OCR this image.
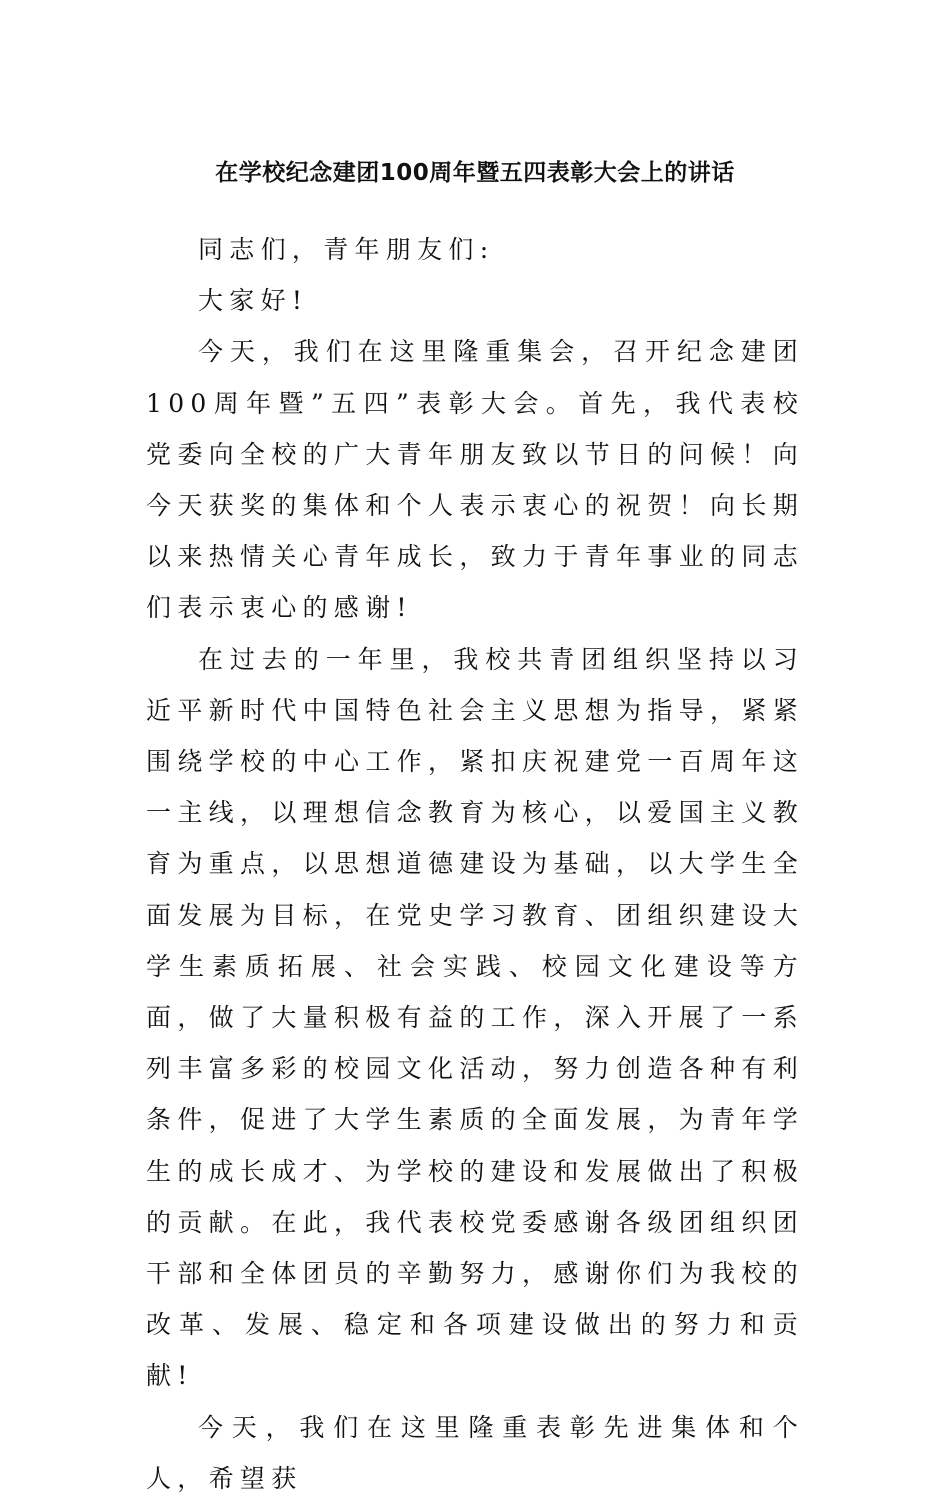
在学校纪念建团100周年暨五四表彰大会上的讲话

同志们，青年朋友们:

大家好!

今天，我们在这里隆重集会，召开纪念建团100周年暨”五四”表彰大会。首先，我代表校党委向全校的广大青年朋友致以节日的问候！向今天获奖的集体和个人表示衷心的祝贺！向长期以来热情关心青年成长，致力于青年事业的同志们表示衷心的感谢!

在过去的一年里，我校共青团组织坚持以习近平新时代中国特色社会主义思想为指导，紧紧围绕学校的中心工作，紧扣庆祝建党一百周年这一主线，以理想信念教育为核心，以爱国主义教育为重点，以思想道德建设为基础，以大学生全面发展为目标，在党史学习教育、团组织建设大学生素质拓展、社会实践、校园文化建设等方面，做了大量积极有益的工作，深入开展了一系列丰富多彩的校园文化活动，努力创造各种有利条件，促进了大学生素质的全面发展，为青年学生的成长成才、为学校的建设和发展做出了积极的贡献。在此，我代表校党委感谢各级团组织团干部和全体团员的辛勤努力，感谢你们为我校的改革、发展、稳定和各项建设做出的努力和贡献!

今天，我们在这里隆重表彰先进集体和个人，希望获
